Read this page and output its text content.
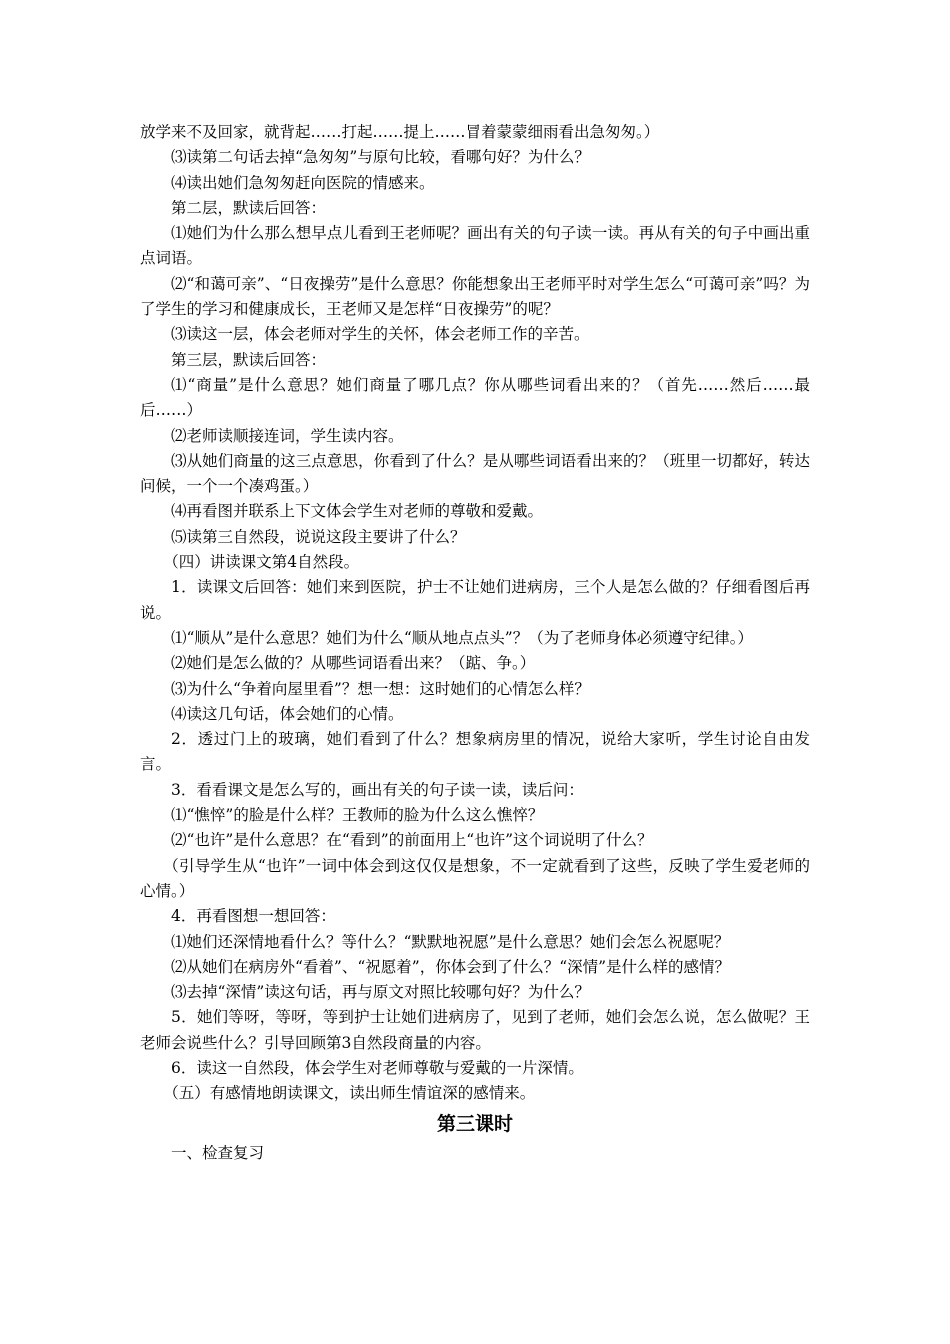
放学来不及回家，就背起……打起……提上……冒着蒙蒙细雨看出急匆匆。）

⑶读第二句话去掉“急匆匆”与原句比较，看哪句好？为什么？

⑷读出她们急匆匆赶向医院的情感来。

第二层，默读后回答：

⑴她们为什么那么想早点儿看到王老师呢？画出有关的句子读一读。再从有关的句子中画出重点词语。

⑵“和蔼可亲”、“日夜操劳”是什么意思？你能想象出王老师平时对学生怎么“可蔼可亲”吗？为了学生的学习和健康成长，王老师又是怎样“日夜操劳”的呢？

⑶读这一层，体会老师对学生的关怀，体会老师工作的辛苦。

第三层，默读后回答：

⑴“商量”是什么意思？她们商量了哪几点？你从哪些词看出来的？（首先……然后……最后……）

⑵老师读顺接连词，学生读内容。

⑶从她们商量的这三点意思，你看到了什么？是从哪些词语看出来的？（班里一切都好，转达问候，一个一个凑鸡蛋。）

⑷再看图并联系上下文体会学生对老师的尊敬和爱戴。

⑸读第三自然段，说说这段主要讲了什么？

（四）讲读课文第4自然段。

1．读课文后回答：她们来到医院，护士不让她们进病房，三个人是怎么做的？仔细看图后再说。

⑴“顺从”是什么意思？她们为什么“顺从地点点头”？（为了老师身体必须遵守纪律。）

⑵她们是怎么做的？从哪些词语看出来？（踮、争。）

⑶为什么“争着向屋里看”？想一想：这时她们的心情怎么样？

⑷读这几句话，体会她们的心情。

2．透过门上的玻璃，她们看到了什么？想象病房里的情况，说给大家听，学生讨论自由发言。

3．看看课文是怎么写的，画出有关的句子读一读，读后问：

⑴“憔悴”的脸是什么样？王教师的脸为什么这么憔悴？

⑵“也许”是什么意思？在“看到”的前面用上“也许”这个词说明了什么？

（引导学生从“也许”一词中体会到这仅仅是想象，不一定就看到了这些，反映了学生爱老师的心情。）

4．再看图想一想回答：

⑴她们还深情地看什么？等什么？“默默地祝愿”是什么意思？她们会怎么祝愿呢？

⑵从她们在病房外“看着”、“祝愿着”，你体会到了什么？“深情”是什么样的感情？

⑶去掉“深情”读这句话，再与原文对照比较哪句好？为什么？

5．她们等呀，等呀，等到护士让她们进病房了，见到了老师，她们会怎么说，怎么做呢？王老师会说些什么？引导回顾第3自然段商量的内容。

6．读这一自然段，体会学生对老师尊敬与爱戴的一片深情。

（五）有感情地朗读课文，读出师生情谊深的感情来。

第三课时

一、检查复习
